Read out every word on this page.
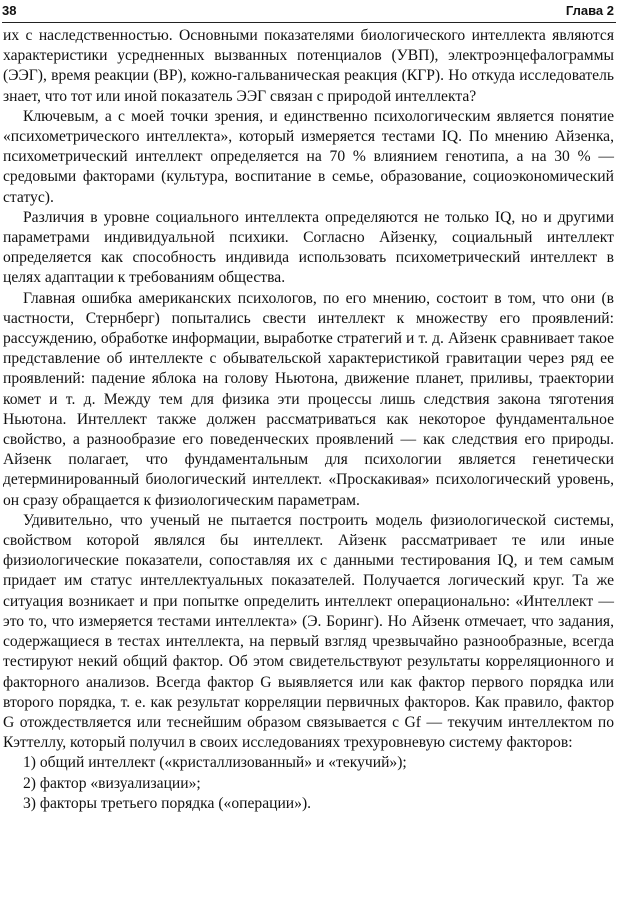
38	Глава 2

их с наследственностью. Основными показателями биологического интеллекта являются характеристики усредненных вызванных потенциалов (УВП), электроэнцефалограммы (ЭЭГ), время реакции (ВР), кожно-гальваническая реакция (КГР). Но откуда исследователь знает, что тот или иной показатель ЭЭГ связан с природой интеллекта?

Ключевым, а с моей точки зрения, и единственно психологическим является понятие «психометрического интеллекта», который измеряется тестами IQ. По мнению Айзенка, психометрический интеллект определяется на 70 % влиянием генотипа, а на 30 % — средовыми факторами (культура, воспитание в семье, образование, социоэкономический статус).

Различия в уровне социального интеллекта определяются не только IQ, но и другими параметрами индивидуальной психики. Согласно Айзенку, социальный интеллект определяется как способность индивида использовать психометрический интеллект в целях адаптации к требованиям общества.

Главная ошибка американских психологов, по его мнению, состоит в том, что они (в частности, Стернберг) попытались свести интеллект к множеству его проявлений: рассуждению, обработке информации, выработке стратегий и т. д. Айзенк сравнивает такое представление об интеллекте с обывательской характеристикой гравитации через ряд ее проявлений: падение яблока на голову Ньютона, движение планет, приливы, траектории комет и т. д. Между тем для физика эти процессы лишь следствия закона тяготения Ньютона. Интеллект также должен рассматриваться как некоторое фундаментальное свойство, а разнообразие его поведенческих проявлений — как следствия его природы. Айзенк полагает, что фундаментальным для психологии является генетически детерминированный биологический интеллект. «Проскакивая» психологический уровень, он сразу обращается к физиологическим параметрам.

Удивительно, что ученый не пытается построить модель физиологической системы, свойством которой являлся бы интеллект. Айзенк рассматривает те или иные физиологические показатели, сопоставляя их с данными тестирования IQ, и тем самым придает им статус интеллектуальных показателей. Получается логический круг. Та же ситуация возникает и при попытке определить интеллект операционально: «Интеллект — это то, что измеряется тестами интеллекта» (Э. Боринг). Но Айзенк отмечает, что задания, содержащиеся в тестах интеллекта, на первый взгляд чрезвычайно разнообразные, всегда тестируют некий общий фактор. Об этом свидетельствуют результаты корреляционного и факторного анализов. Всегда фактор G выявляется или как фактор первого порядка или второго порядка, т. е. как результат корреляции первичных факторов. Как правило, фактор G отождествляется или теснейшим образом связывается с Gf — текучим интеллектом по Кэттеллу, который получил в своих исследованиях трехуровневую систему факторов:

1) общий интеллект («кристаллизованный» и «текучий»);
2) фактор «визуализации»;
3) факторы третьего порядка («операции»).
